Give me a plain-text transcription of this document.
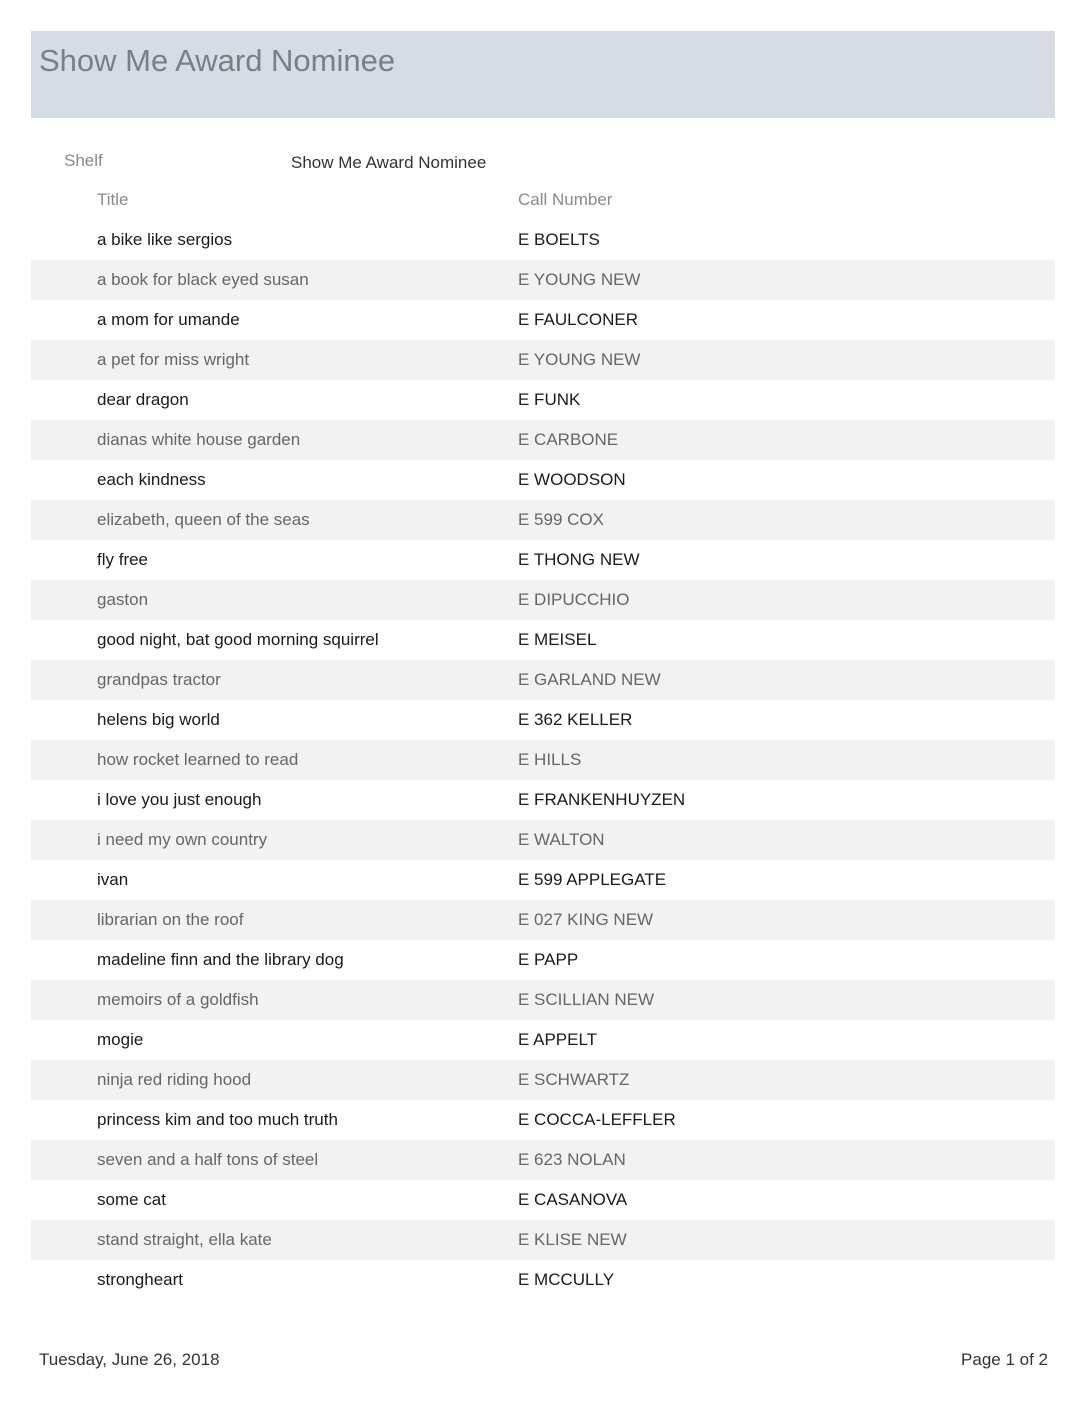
Show Me Award Nominee
Shelf	Show Me Award Nominee
Title	Call Number
a bike like sergios	E BOELTS
a book for black eyed susan	E YOUNG NEW
a mom for umande	E FAULCONER
a pet for miss wright	E YOUNG NEW
dear dragon	E FUNK
dianas white house garden	E CARBONE
each kindness	E WOODSON
elizabeth, queen of the seas	E 599 COX
fly free	E THONG NEW
gaston	E DIPUCCHIO
good night, bat good morning squirrel	E MEISEL
grandpas tractor	E GARLAND NEW
helens big world	E 362 KELLER
how rocket learned to read	E HILLS
i love you just enough	E FRANKENHUYZEN
i need my own country	E WALTON
ivan	E 599 APPLEGATE
librarian on the roof	E 027 KING NEW
madeline finn and the library dog	E PAPP
memoirs of a goldfish	E SCILLIAN NEW
mogie	E APPELT
ninja red riding hood	E SCHWARTZ
princess kim and too much truth	E COCCA-LEFFLER
seven and a half tons of steel	E 623 NOLAN
some cat	E CASANOVA
stand straight, ella kate	E KLISE NEW
strongheart	E MCCULLY
Tuesday, June 26, 2018	Page 1 of 2
